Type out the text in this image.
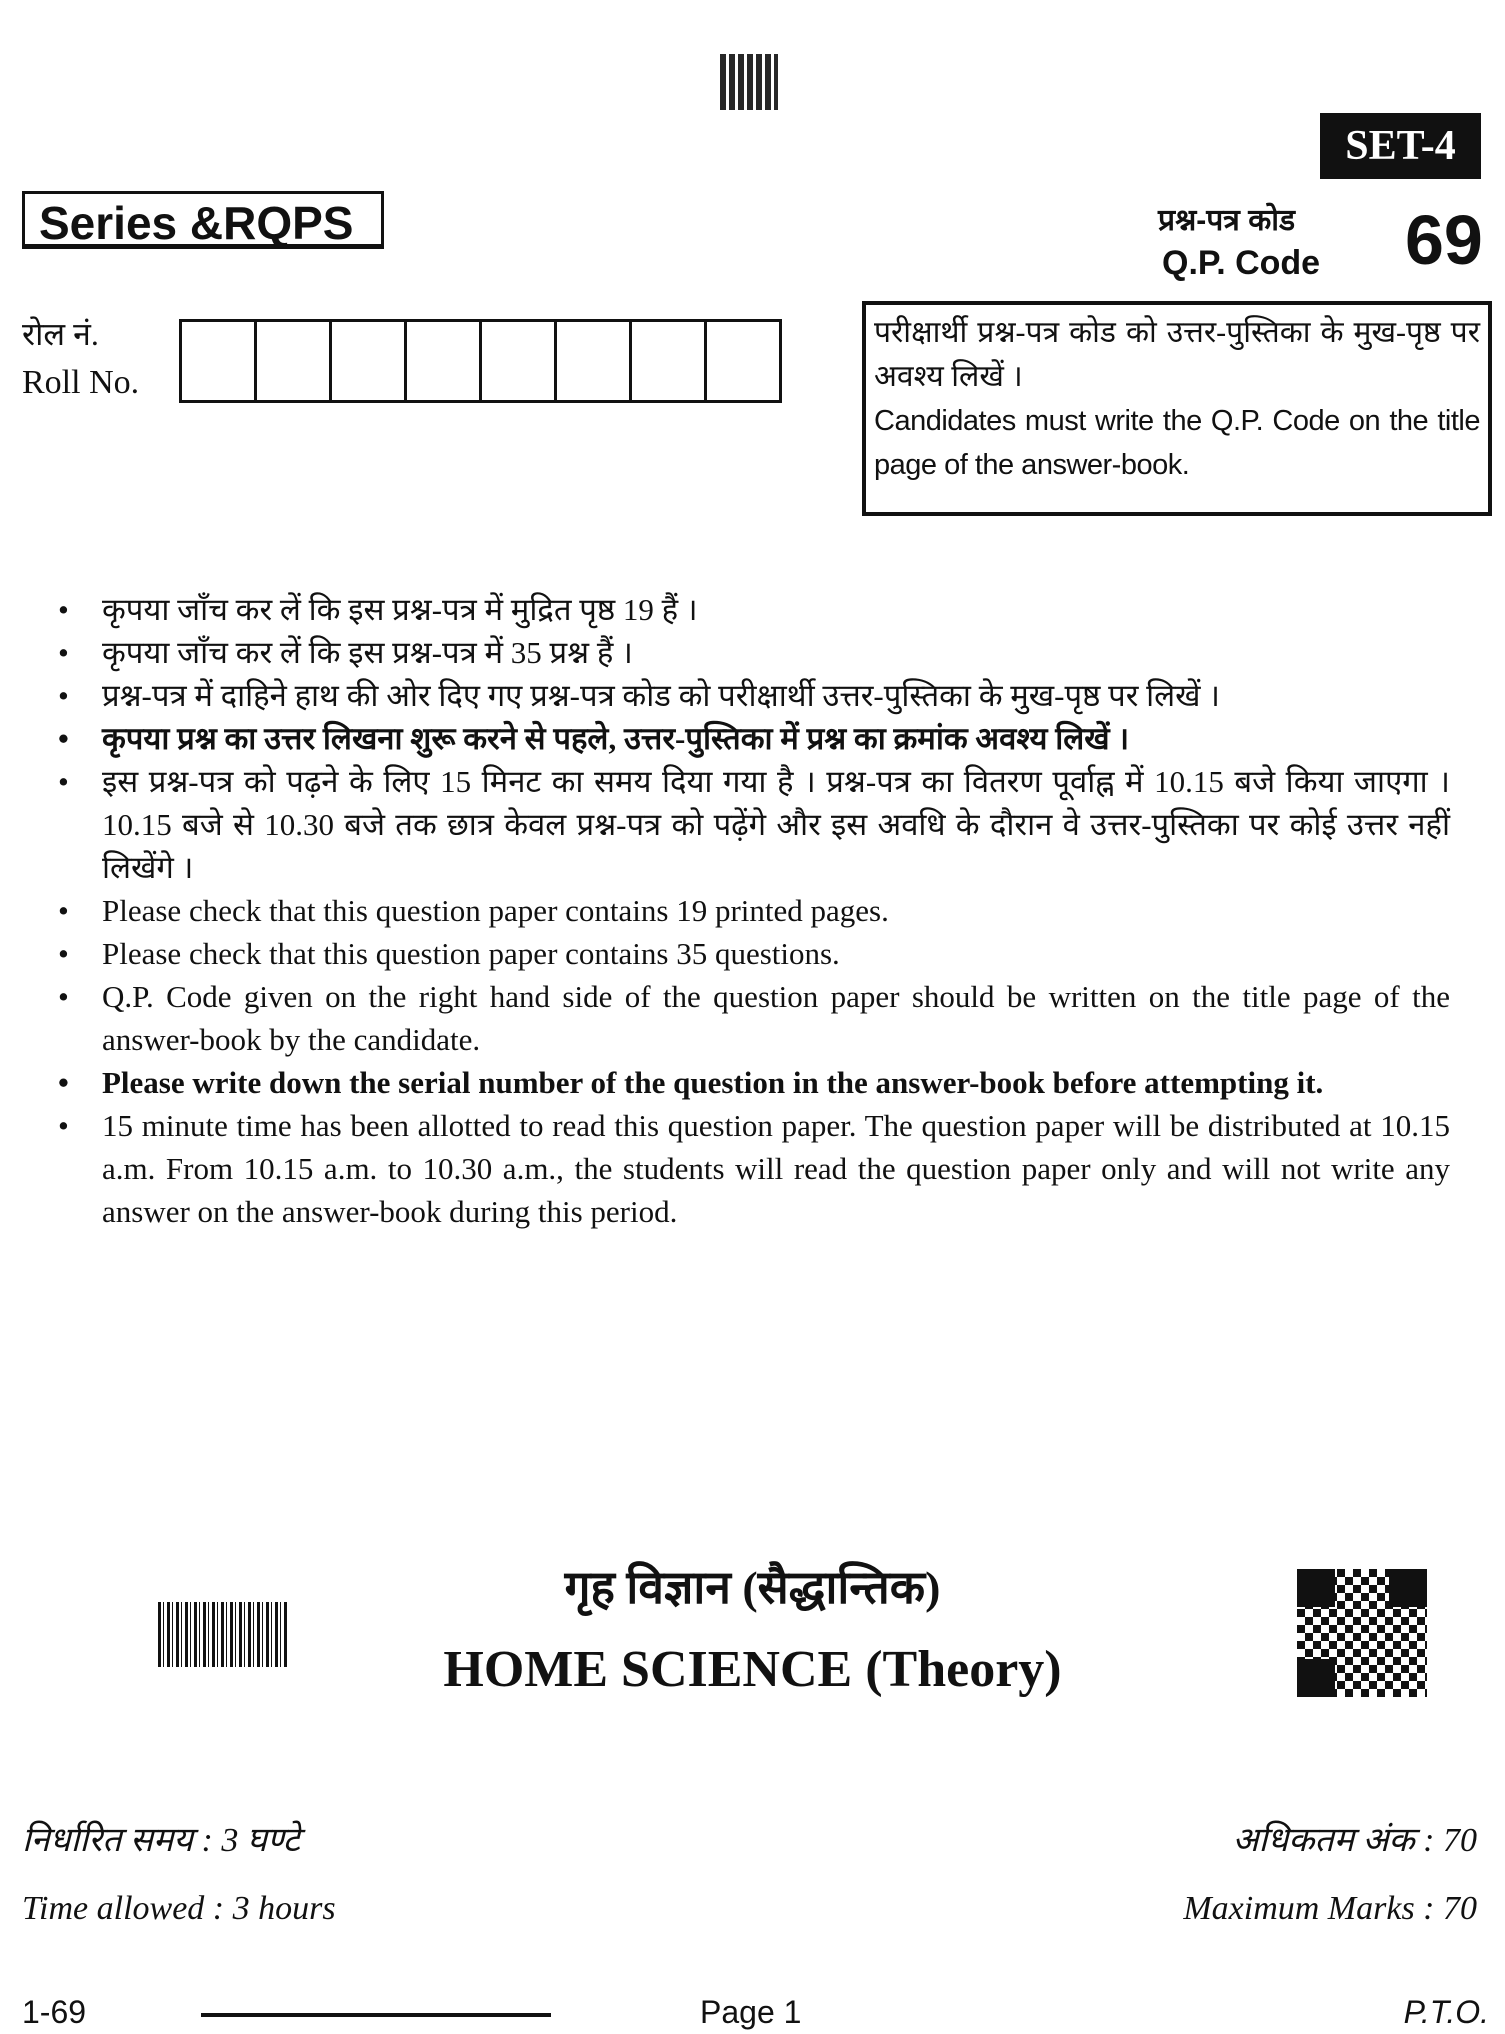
SET-4
Series &RQPS	प्रश्न-पत्र कोड
Q.P. Code 69
रोल नं.
Roll No.
परीक्षार्थी प्रश्न-पत्र कोड को उत्तर-पुस्तिका के मुख-पृष्ठ पर अवश्य लिखें ।
Candidates must write the Q.P. Code on the title page of the answer-book.
• कृपया जाँच कर लें कि इस प्रश्न-पत्र में मुद्रित पृष्ठ 19 हैं ।
• कृपया जाँच कर लें कि इस प्रश्न-पत्र में 35 प्रश्न हैं ।
• प्रश्न-पत्र में दाहिने हाथ की ओर दिए गए प्रश्न-पत्र कोड को परीक्षार्थी उत्तर-पुस्तिका के मुख-पृष्ठ पर लिखें ।
• कृपया प्रश्न का उत्तर लिखना शुरू करने से पहले, उत्तर-पुस्तिका में प्रश्न का क्रमांक अवश्य लिखें ।
• इस प्रश्न-पत्र को पढ़ने के लिए 15 मिनट का समय दिया गया है । प्रश्न-पत्र का वितरण पूर्वाह्न में 10.15 बजे किया जाएगा । 10.15 बजे से 10.30 बजे तक छात्र केवल प्रश्न-पत्र को पढ़ेंगे और इस अवधि के दौरान वे उत्तर-पुस्तिका पर कोई उत्तर नहीं लिखेंगे ।
• Please check that this question paper contains 19 printed pages.
• Please check that this question paper contains 35 questions.
• Q.P. Code given on the right hand side of the question paper should be written on the title page of the answer-book by the candidate.
• Please write down the serial number of the question in the answer-book before attempting it.
• 15 minute time has been allotted to read this question paper. The question paper will be distributed at 10.15 a.m. From 10.15 a.m. to 10.30 a.m., the students will read the question paper only and will not write any answer on the answer-book during this period.
गृह विज्ञान (सैद्धान्तिक)
HOME SCIENCE (Theory)
निर्धारित समय : 3 घण्टे
Time allowed : 3 hours
अधिकतम अंक : 70
Maximum Marks : 70
1-69	Page 1	P.T.O.
